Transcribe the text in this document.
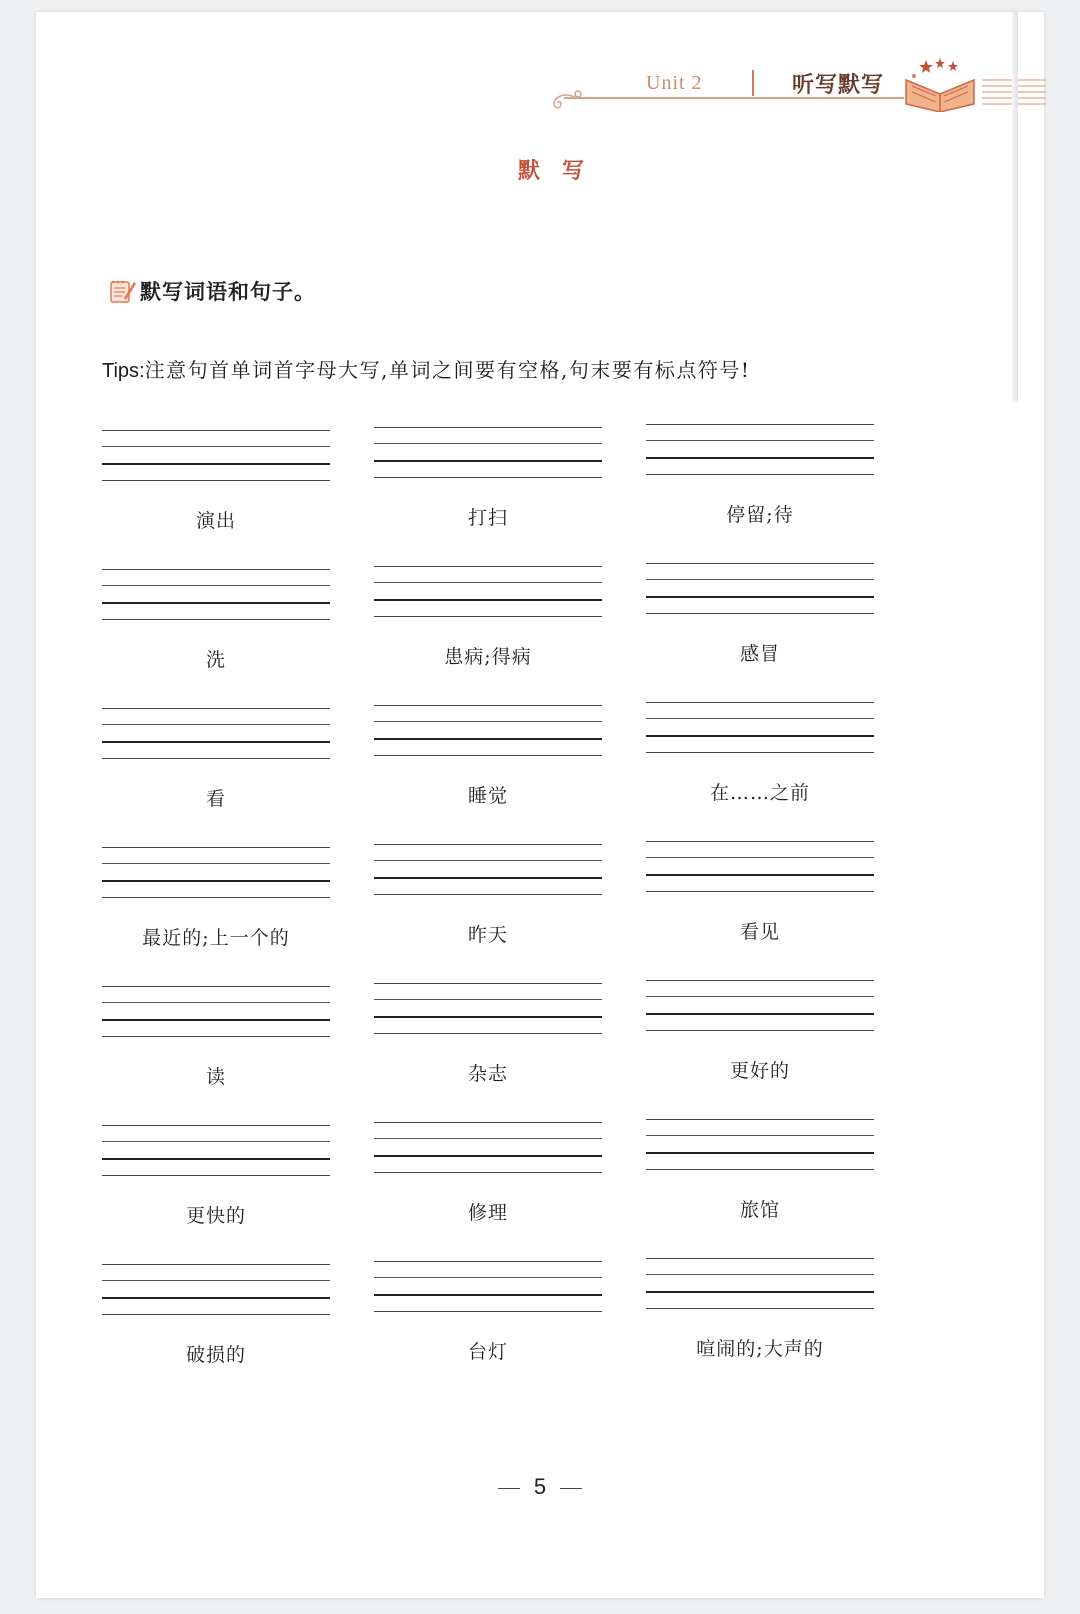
Unit 2	听写默写
默写
默写词语和句子。
Tips:注意句首单词首字母大写,单词之间要有空格,句末要有标点符号!
演出	打扫	停留;待
洗	患病;得病	感冒
看	睡觉	在……之前
最近的;上一个的	昨天	看见
读	杂志	更好的
更快的	修理	旅馆
破损的	台灯	喧闹的;大声的
5
